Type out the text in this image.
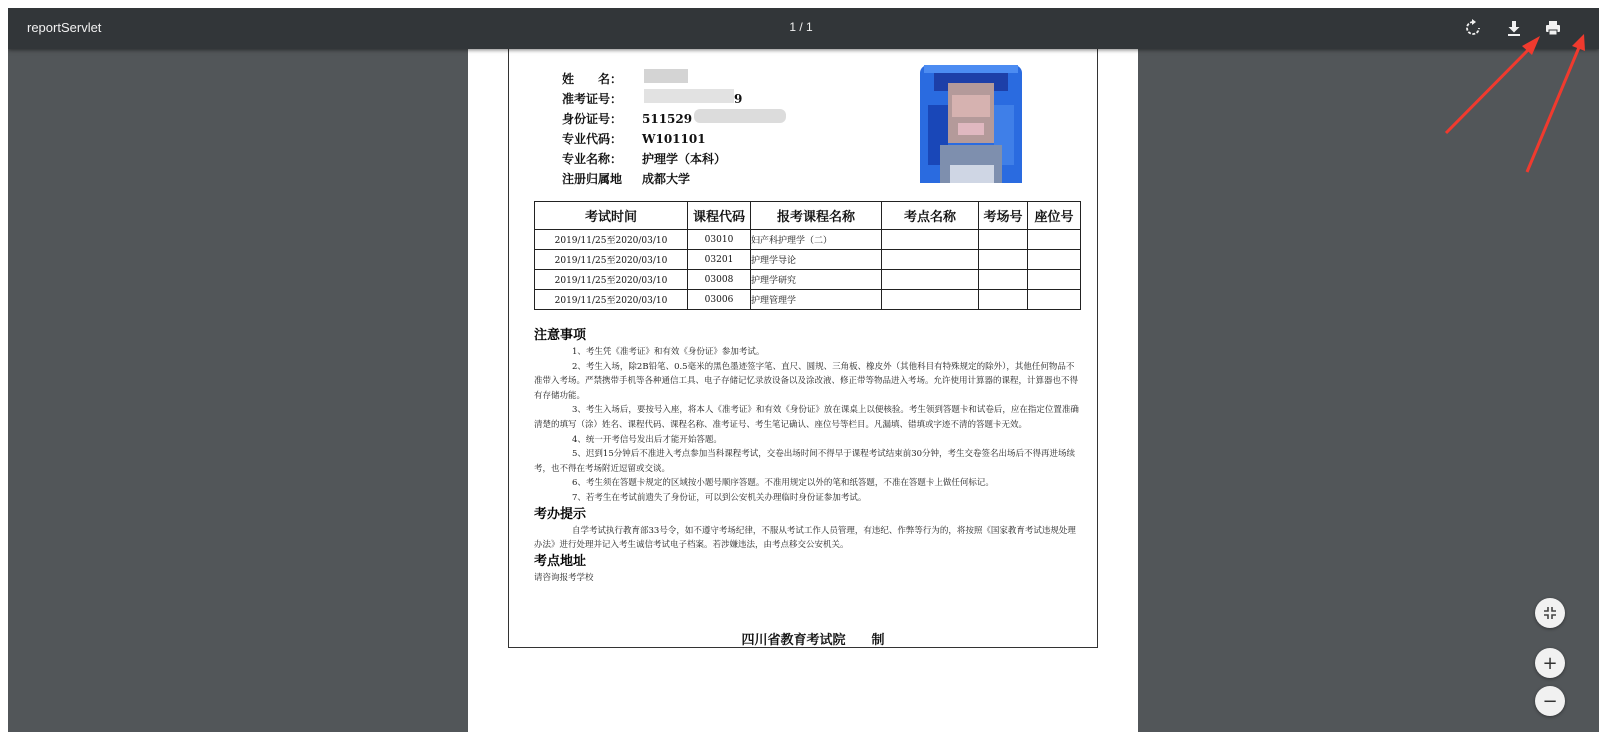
reportServlet	1 / 1
姓　　名：
准考证号：	9
身份证号：	511529
专业代码：	W101101
专业名称：	护理学（本科）
注册归属地	成都大学
考试时间	课程代码	报考课程名称	考点名称	考场号	座位号
2019/11/25至2020/03/10	03010	妇产科护理学（二）			
2019/11/25至2020/03/10	03201	护理学导论			
2019/11/25至2020/03/10	03008	护理学研究			
2019/11/25至2020/03/10	03006	护理管理学			
注意事项

1、考生凭《准考证》和有效《身份证》参加考试。

2、考生入场，除2B铅笔、0.5毫米的黑色墨迹签字笔、直尺、圆规、三角板、橡皮外（其他科目有特殊规定的除外），其他任何物品不准带入考场。严禁携带手机等各种通信工具、电子存储记忆录放设备以及涂改液、修正带等物品进入考场。允许使用计算器的课程，计算器也不得有存储功能。

3、考生入场后，要按号入座，将本人《准考证》和有效《身份证》放在课桌上以便核验。考生领到答题卡和试卷后，应在指定位置准确清楚的填写（涂）姓名、课程代码、课程名称、准考证号、考生笔记确认、座位号等栏目。凡漏填、错填或字迹不清的答题卡无效。

4、统一开考信号发出后才能开始答题。

5、迟到15分钟后不准进入考点参加当科课程考试，交卷出场时间不得早于课程考试结束前30分钟，考生交卷签名出场后不得再进场续考，也不得在考场附近逗留或交谈。

6、考生须在答题卡规定的区域按小题号顺序答题。不准用规定以外的笔和纸答题，不准在答题卡上做任何标记。

7、若考生在考试前遗失了身份证，可以到公安机关办理临时身份证参加考试。

考办提示

自学考试执行教育部33号令，如不遵守考场纪律，不服从考试工作人员管理，有违纪、作弊等行为的，将按照《国家教育考试违规处理办法》进行处理并记入考生诚信考试电子档案。若涉嫌违法，由考点移交公安机关。

考点地址

请咨询报考学校

四川省教育考试院　　制
+
−
